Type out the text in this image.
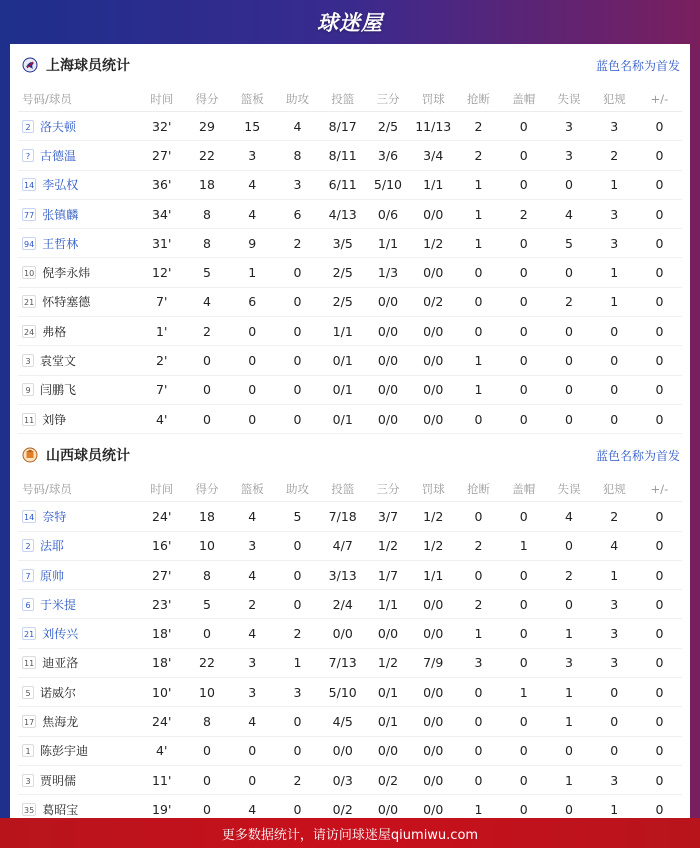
球迷屋
上海球员统计	蓝色名称为首发
号码/球员	时间	得分	篮板	助攻	投篮	三分	罚球	抢断	盖帽	失误	犯规	+/-
2 洛夫顿	32'	29	15	4	8/17	2/5	11/13	2	0	3	3	0
? 古德温	27'	22	3	8	8/11	3/6	3/4	2	0	3	2	0
14 李弘权	36'	18	4	3	6/11	5/10	1/1	1	0	0	1	0
77 张镇麟	34'	8	4	6	4/13	0/6	0/0	1	2	4	3	0
94 王哲林	31'	8	9	2	3/5	1/1	1/2	1	0	5	3	0
10 倪李永炜	12'	5	1	0	2/5	1/3	0/0	0	0	0	1	0
21 怀特塞德	7'	4	6	0	2/5	0/0	0/2	0	0	2	1	0
24 弗格	1'	2	0	0	1/1	0/0	0/0	0	0	0	0	0
3 袁堂文	2'	0	0	0	0/1	0/0	0/0	1	0	0	0	0
9 闫鹏飞	7'	0	0	0	0/1	0/0	0/0	1	0	0	0	0
11 刘铮	4'	0	0	0	0/1	0/0	0/0	0	0	0	0	0
山西球员统计	蓝色名称为首发
号码/球员	时间	得分	篮板	助攻	投篮	三分	罚球	抢断	盖帽	失误	犯规	+/-
14 奈特	24'	18	4	5	7/18	3/7	1/2	0	0	4	2	0
2 法耶	16'	10	3	0	4/7	1/2	1/2	2	1	0	4	0
7 原帅	27'	8	4	0	3/13	1/7	1/1	0	0	2	1	0
6 于米提	23'	5	2	0	2/4	1/1	0/0	2	0	0	3	0
21 刘传兴	18'	0	4	2	0/0	0/0	0/0	1	0	1	3	0
11 迪亚洛	18'	22	3	1	7/13	1/2	7/9	3	0	3	3	0
5 诺威尔	10'	10	3	3	5/10	0/1	0/0	0	1	1	0	0
17 焦海龙	24'	8	4	0	4/5	0/1	0/0	0	0	1	0	0
1 陈彭宇迪	4'	0	0	0	0/0	0/0	0/0	0	0	0	0	0
3 贾明儒	11'	0	0	2	0/3	0/2	0/0	0	0	1	3	0
35 葛昭宝	19'	0	4	0	0/2	0/0	0/0	1	0	0	1	0
更多数据统计，请访问球迷屋qiumiwu.com
